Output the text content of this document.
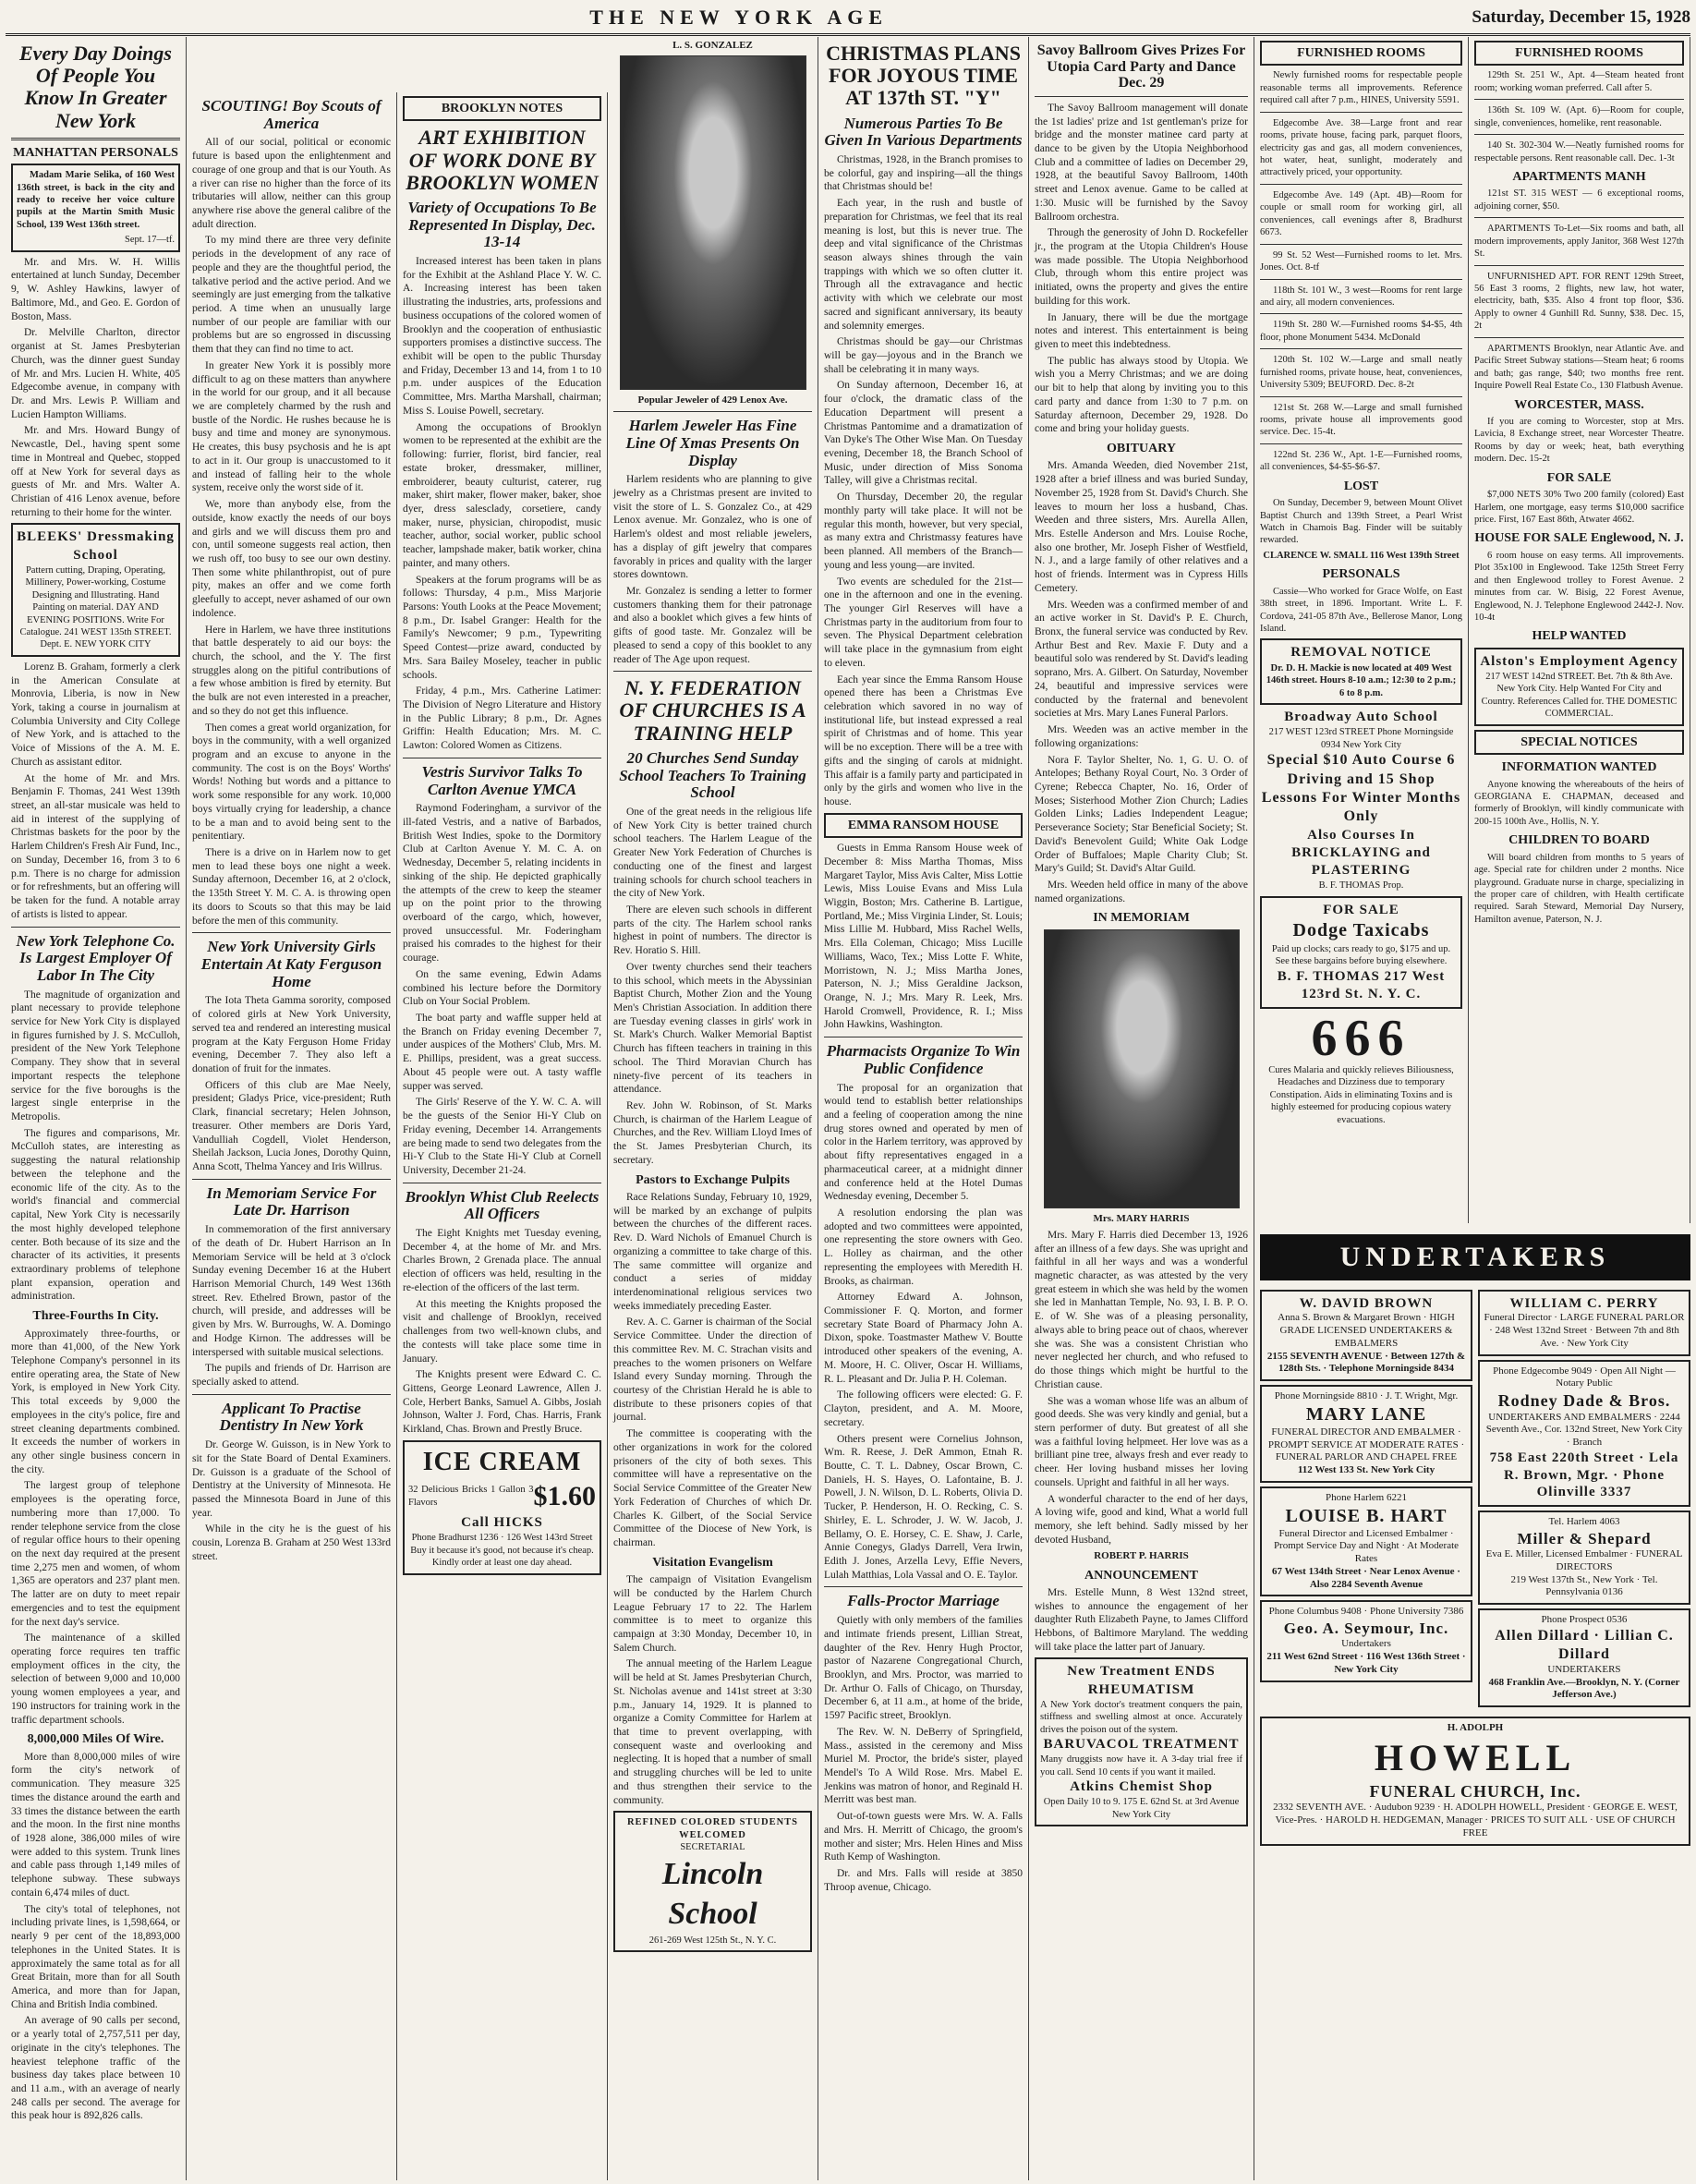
THE NEW YORK AGE	Saturday, December 15, 1928
Every Day Doings Of People You Know In Greater New York
MANHATTAN PERSONALS

Madam Marie Selika, of 160 West 136th street, is back in the city and ready to receive her voice culture pupils at the Martin Smith Music School, 139 West 136th street.

Sept. 17—tf.

Mr. and Mrs. W. H. Willis entertained at lunch Sunday, December 9, W. Ashley Hawkins, lawyer of Baltimore, Md., and Geo. E. Gordon of Boston, Mass.

Dr. Melville Charlton, director organist at St. James Presbyterian Church, was the dinner guest Sunday of Mr. and Mrs. Lucien H. White, 405 Edgecombe avenue, in company with Dr. and Mrs. Lewis P. William and Lucien Hampton Williams.

Mr. and Mrs. Howard Bungy of Newcastle, Del., having spent some time in Montreal and Quebec, stopped off at New York for several days as guests of Mr. and Mrs. Walter A. Christian of 416 Lenox avenue, before returning to their home for the winter.

BLEEKS' Dressmaking School
Pattern cutting, Draping, Operating, Millinery, Power-working, Costume Designing and Illustrating. Hand Painting on material. DAY AND EVENING POSITIONS. Write For Catalogue. 241 WEST 135th STREET. Dept. E. NEW YORK CITY

Lorenz B. Graham, formerly a clerk in the American Consulate at Monrovia, Liberia, is now in New York, taking a course in journalism at Columbia University and City College of New York, and is attached to the Voice of Missions of the A. M. E. Church as assistant editor.

At the home of Mr. and Mrs. Benjamin F. Thomas, 241 West 139th street, an all-star musicale was held to aid in interest of the supplying of Christmas baskets for the poor by the Harlem Children's Fresh Air Fund, Inc., on Sunday, December 16, from 3 to 6 p.m. There is no charge for admission or for refreshments, but an offering will be taken for the fund. A notable array of artists is listed to appear.

New York Telephone Co. Is Largest Employer Of Labor In The City

The magnitude of organization and plant necessary to provide telephone service for New York City is displayed in figures furnished by J. S. McCulloh, president of the New York Telephone Company. They show that in several important respects the telephone service for the five boroughs is the largest single enterprise in the Metropolis.

The figures and comparisons, Mr. McCulloh states, are interesting as suggesting the natural relationship between the telephone and the economic life of the city. As to the world's financial and commercial capital, New York City is necessarily the most highly developed telephone center. Both because of its size and the character of its activities, it presents extraordinary problems of telephone plant expansion, operation and administration.

Three-Fourths In City.

Approximately three-fourths, or more than 41,000, of the New York Telephone Company's personnel in its entire operating area, the State of New York, is employed in New York City. This total exceeds by 9,000 the employees in the city's police, fire and street cleaning departments combined. It exceeds the number of workers in any other single business concern in the city.

The largest group of telephone employees is the operating force, numbering more than 17,000. To render telephone service from the close of regular office hours to their opening on the next day required at the present time 2,275 men and women, of whom 1,365 are operators and 237 plant men. The latter are on duty to meet repair emergencies and to test the equipment for the next day's service.

The maintenance of a skilled operating force requires ten traffic employment offices in the city, the selection of between 9,000 and 10,000 young women employees a year, and 190 instructors for training work in the traffic department schools.

8,000,000 Miles Of Wire.

More than 8,000,000 miles of wire form the city's network of communication. They measure 325 times the distance around the earth and 33 times the distance between the earth and the moon. In the first nine months of 1928 alone, 386,000 miles of wire were added to this system. Trunk lines and cable pass through 1,149 miles of telephone subway. These subways contain 6,474 miles of duct.

The city's total of telephones, not including private lines, is 1,598,664, or nearly 9 per cent of the 18,893,000 telephones in the United States. It is approximately the same total as for all Great Britain, more than for all South America, and more than for Japan, China and British India combined.

An average of 90 calls per second, or a yearly total of 2,757,511 per day, originate in the city's telephones. The heaviest telephone traffic of the business day takes place between 10 and 11 a.m., with an average of nearly 248 calls per second. The average for this peak hour is 892,826 calls.

SCOUTING! Boy Scouts of America

All of our social, political or economic future is based upon the enlightenment and courage of one group and that is our Youth. As a river can rise no higher than the force of its tributaries will allow, neither can this group anywhere rise above the general calibre of the adult direction.

To my mind there are three very definite periods in the development of any race of people and they are the thoughtful period, the talkative period and the active period. And we seemingly are just emerging from the talkative period. A time when an unusually large number of our people are familiar with our problems but are so engrossed in discussing them that they can find no time to act.

In greater New York it is possibly more difficult to ag on these matters than anywhere in the world for our group, and it all because we are completely charmed by the rush and bustle of the Nordic. He rushes because he is busy and time and money are synonymous. He creates, this busy psychosis and he is apt to act in it. Our group is unaccustomed to it and instead of falling heir to the whole system, receive only the worst side of it.

We, more than anybody else, from the outside, know exactly the needs of our boys and girls and we will discuss them pro and con, until someone suggests real action, then we rush off, too busy to see our own destiny. Then some white philanthropist, out of pure pity, makes an offer and we come forth gleefully to accept, never ashamed of our own indolence.

Here in Harlem, we have three institutions that battle desperately to aid our boys: the church, the school, and the Y. The first struggles along on the pitiful contributions of a few whose ambition is fired by eternity. But the bulk are not even interested in a preacher, and so they do not get this influence.

Then comes a great world organization, for boys in the community, with a well organized program and an excuse to anyone in the community. The cost is on the Boys' Worths' Words! Nothing but words and a pittance to work some responsible for any work. 10,000 boys virtually crying for leadership, a chance to be a man and to avoid being sent to the penitentiary.

There is a drive on in Harlem now to get men to lead these boys one night a week. Sunday afternoon, December 16, at 2 o'clock, the 135th Street Y. M. C. A. is throwing open its doors to Scouts so that this may be laid before the men of this community.

New York University Girls Entertain At Katy Ferguson Home

The Iota Theta Gamma sorority, composed of colored girls at New York University, served tea and rendered an interesting musical program at the Katy Ferguson Home Friday evening, December 7. They also left a donation of fruit for the inmates.

Officers of this club are Mae Neely, president; Gladys Price, vice-president; Ruth Clark, financial secretary; Helen Johnson, treasurer. Other members are Doris Yard, Vandulliah Cogdell, Violet Henderson, Sheilah Jackson, Lucia Jones, Dorothy Quinn, Anna Scott, Thelma Yancey and Iris Willrus.

In Memoriam Service For Late Dr. Harrison

In commemoration of the first anniversary of the death of Dr. Hubert Harrison an In Memoriam Service will be held at 3 o'clock Sunday evening December 16 at the Hubert Harrison Memorial Church, 149 West 136th street. Rev. Ethelred Brown, pastor of the church, will preside, and addresses will be given by Mrs. W. Burroughs, W. A. Domingo and Hodge Kirnon. The addresses will be interspersed with suitable musical selections.

The pupils and friends of Dr. Harrison are specially asked to attend.

Applicant To Practise Dentistry In New York

Dr. George W. Guisson, is in New York to sit for the State Board of Dental Examiners. Dr. Guisson is a graduate of the School of Dentistry at the University of Minnesota. He passed the Minnesota Board in June of this year.

While in the city he is the guest of his cousin, Lorenza B. Graham at 250 West 133rd street.

BROOKLYN NOTES
ART EXHIBITION OF WORK DONE BY BROOKLYN WOMEN
Variety of Occupations To Be Represented In Display, Dec. 13-14

Increased interest has been taken in plans for the Exhibit at the Ashland Place Y. W. C. A. Increasing interest has been taken illustrating the industries, arts, professions and business occupations of the colored women of Brooklyn and the cooperation of enthusiastic supporters promises a distinctive success. The exhibit will be open to the public Thursday and Friday, December 13 and 14, from 1 to 10 p.m. under auspices of the Education Committee, Mrs. Martha Marshall, chairman; Miss S. Louise Powell, secretary.

Among the occupations of Brooklyn women to be represented at the exhibit are the following: furrier, florist, bird fancier, real estate broker, dressmaker, milliner, embroiderer, beauty culturist, caterer, rug maker, shirt maker, flower maker, baker, shoe dyer, dress salesclady, corsetiere, candy maker, nurse, physician, chiropodist, music teacher, author, social worker, public school teacher, lampshade maker, batik worker, china painter, and many others.

Speakers at the forum programs will be as follows: Thursday, 4 p.m., Miss Marjorie Parsons: Youth Looks at the Peace Movement; 8 p.m., Dr. Isabel Granger: Health for the Family's Newcomer; 9 p.m., Typewriting Speed Contest—prize award, conducted by Mrs. Sara Bailey Moseley, teacher in public schools.

Friday, 4 p.m., Mrs. Catherine Latimer: The Division of Negro Literature and History in the Public Library; 8 p.m., Dr. Agnes Griffin: Health Education; Mrs. M. C. Lawton: Colored Women as Citizens.

Vestris Survivor Talks To Carlton Avenue YMCA

Raymond Foderingham, a survivor of the ill-fated Vestris, and a native of Barbados, British West Indies, spoke to the Dormitory Club at Carlton Avenue Y. M. C. A. on Wednesday, December 5, relating incidents in sinking of the ship. He depicted graphically the attempts of the crew to keep the steamer up on the point prior to the throwing overboard of the cargo, which, however, proved unsuccessful. Mr. Foderingham praised his comrades to the highest for their courage.

On the same evening, Edwin Adams combined his lecture before the Dormitory Club on Your Social Problem.

The boat party and waffle supper held at the Branch on Friday evening December 7, under auspices of the Mothers' Club, Mrs. M. E. Phillips, president, was a great success. About 45 people were out. A tasty waffle supper was served.

The Girls' Reserve of the Y. W. C. A. will be the guests of the Senior Hi-Y Club on Friday evening, December 14. Arrangements are being made to send two delegates from the Hi-Y Club to the State Hi-Y Club at Cornell University, December 21-24.

Brooklyn Whist Club Reelects All Officers

The Eight Knights met Tuesday evening, December 4, at the home of Mr. and Mrs. Charles Brown, 2 Grenada place. The annual election of officers was held, resulting in the re-election of the officers of the last term.

At this meeting the Knights proposed the visit and challenge of Brooklyn, received challenges from two well-known clubs, and the contests will take place some time in January.

The Knights present were Edward C. C. Gittens, George Leonard Lawrence, Allen J. Cole, Herbert Banks, Samuel A. Gibbs, Josiah Johnson, Walter J. Ford, Chas. Harris, Frank Kirkland, Chas. Brown and Prestly Bruce.

ICE CREAM
32 Delicious Bricks 1 Gallon 3 Flavors	$1.60
Call HICKS
Phone Bradhurst 1236 · 126 West 143rd Street
Buy it because it's good, not because it's cheap. Kindly order at least one day ahead.
L. S. GONZALEZ
Popular Jeweler of 429 Lenox Ave.
Harlem Jeweler Has Fine Line Of Xmas Presents On Display

Harlem residents who are planning to give jewelry as a Christmas present are invited to visit the store of L. S. Gonzalez Co., at 429 Lenox avenue. Mr. Gonzalez, who is one of Harlem's oldest and most reliable jewelers, has a display of gift jewelry that compares favorably in prices and quality with the larger stores downtown.

Mr. Gonzalez is sending a letter to former customers thanking them for their patronage and also a booklet which gives a few hints of gifts of good taste. Mr. Gonzalez will be pleased to send a copy of this booklet to any reader of The Age upon request.

N. Y. FEDERATION OF CHURCHES IS A TRAINING HELP
20 Churches Send Sunday School Teachers To Training School

One of the great needs in the religious life of New York City is better trained church school teachers. The Harlem League of the Greater New York Federation of Churches is conducting one of the finest and largest training schools for church school teachers in the city of New York.

There are eleven such schools in different parts of the city. The Harlem school ranks highest in point of numbers. The director is Rev. Horatio S. Hill.

Over twenty churches send their teachers to this school, which meets in the Abyssinian Baptist Church, Mother Zion and the Young Men's Christian Association. In addition there are Tuesday evening classes in girls' work in St. Mark's Church. Walker Memorial Baptist Church has fifteen teachers in training in this school. The Third Moravian Church has ninety-five percent of its teachers in attendance.

Rev. John W. Robinson, of St. Marks Church, is chairman of the Harlem League of Churches, and the Rev. William Lloyd Imes of the St. James Presbyterian Church, its secretary.

Pastors to Exchange Pulpits

Race Relations Sunday, February 10, 1929, will be marked by an exchange of pulpits between the churches of the different races. Rev. D. Ward Nichols of Emanuel Church is organizing a committee to take charge of this. The same committee will organize and conduct a series of midday interdenominational religious services two weeks immediately preceding Easter.

Rev. A. C. Garner is chairman of the Social Service Committee. Under the direction of this committee Rev. M. C. Strachan visits and preaches to the women prisoners on Welfare Island every Sunday morning. Through the courtesy of the Christian Herald he is able to distribute to these prisoners copies of that journal.

The committee is cooperating with the other organizations in work for the colored prisoners of the city of both sexes. This committee will have a representative on the Social Service Committee of the Greater New York Federation of Churches of which Dr. Charles K. Gilbert, of the Social Service Committee of the Diocese of New York, is chairman.

Visitation Evangelism

The campaign of Visitation Evangelism will be conducted by the Harlem Church League February 17 to 22. The Harlem committee is to meet to organize this campaign at 3:30 Monday, December 10, in Salem Church.

The annual meeting of the Harlem League will be held at St. James Presbyterian Church, St. Nicholas avenue and 141st street at 3:30 p.m., January 14, 1929. It is planned to organize a Comity Committee for Harlem at that time to prevent overlapping, with consequent waste and overlooking and neglecting. It is hoped that a number of small and struggling churches will be led to unite and thus strengthen their service to the community.

REFINED COLORED STUDENTS WELCOMED
SECRETARIAL
Lincoln School
261-269 West 125th St., N. Y. C.
CHRISTMAS PLANS FOR JOYOUS TIME AT 137th ST. "Y"
Numerous Parties To Be Given In Various Departments

Christmas, 1928, in the Branch promises to be colorful, gay and inspiring—all the things that Christmas should be!

Each year, in the rush and bustle of preparation for Christmas, we feel that its real meaning is lost, but this is never true. The deep and vital significance of the Christmas season always shines through the vain trappings with which we so often clutter it. Through all the extravagance and hectic activity with which we celebrate our most sacred and significant anniversary, its beauty and solemnity emerges.

Christmas should be gay—our Christmas will be gay—joyous and in the Branch we shall be celebrating it in many ways.

On Sunday afternoon, December 16, at four o'clock, the dramatic class of the Education Department will present a Christmas Pantomime and a dramatization of Van Dyke's The Other Wise Man. On Tuesday evening, December 18, the Branch School of Music, under direction of Miss Sonoma Talley, will give a Christmas recital.

On Thursday, December 20, the regular monthly party will take place. It will not be regular this month, however, but very special, as many extra and Christmassy features have been planned. All members of the Branch—young and less young—are invited.

Two events are scheduled for the 21st—one in the afternoon and one in the evening. The younger Girl Reserves will have a Christmas party in the auditorium from four to seven. The Physical Department celebration will take place in the gymnasium from eight to eleven.

Each year since the Emma Ransom House opened there has been a Christmas Eve celebration which savored in no way of institutional life, but instead expressed a real spirit of Christmas and of home. This year will be no exception. There will be a tree with gifts and the singing of carols at midnight. This affair is a family party and participated in only by the girls and women who live in the house.

EMMA RANSOM HOUSE

Guests in Emma Ransom House week of December 8: Miss Martha Thomas, Miss Margaret Taylor, Miss Avis Calter, Miss Lottie Lewis, Miss Louise Evans and Miss Lula Wiggin, Boston; Mrs. Catherine B. Lartigue, Portland, Me.; Miss Virginia Linder, St. Louis; Miss Lillie M. Hubbard, Miss Rachel Wells, Mrs. Ella Coleman, Chicago; Miss Lucille Williams, Waco, Tex.; Miss Lotte F. White, Morristown, N. J.; Miss Martha Jones, Paterson, N. J.; Miss Geraldine Jackson, Orange, N. J.; Mrs. Mary R. Leek, Mrs. Harold Cromwell, Providence, R. I.; Miss John Hawkins, Washington.

Pharmacists Organize To Win Public Confidence

The proposal for an organization that would tend to establish better relationships and a feeling of cooperation among the nine drug stores owned and operated by men of color in the Harlem territory, was approved by about fifty representatives engaged in a pharmaceutical career, at a midnight dinner and conference held at the Hotel Dumas Wednesday evening, December 5.

A resolution endorsing the plan was adopted and two committees were appointed, one representing the store owners with Geo. L. Holley as chairman, and the other representing the employees with Meredith H. Brooks, as chairman.

Attorney Edward A. Johnson, Commissioner F. Q. Morton, and former secretary State Board of Pharmacy John A. Dixon, spoke. Toastmaster Mathew V. Boutte introduced other speakers of the evening, A. M. Moore, H. C. Oliver, Oscar H. Williams, R. L. Pleasant and Dr. Julia P. H. Coleman.

The following officers were elected: G. F. Clayton, president, and A. M. Moore, secretary.

Others present were Cornelius Johnson, Wm. R. Reese, J. DeR Ammon, Etnah R. Boutte, C. T. L. Dabney, Oscar Brown, C. Daniels, H. S. Hayes, O. Lafontaine, B. J. Powell, J. N. Wilson, D. L. Roberts, Olivia D. Tucker, P. Henderson, H. O. Recking, C. S. Shirley, E. L. Schroder, J. W. W. Jacob, J. Bellamy, O. E. Horsey, C. E. Shaw, J. Carle, Annie Conegys, Gladys Darrell, Vera Irwin, Edith J. Jones, Arzella Levy, Effie Nevers, Lulah Matthias, Lola Vassal and O. E. Taylor.

Falls-Proctor Marriage

Quietly with only members of the families and intimate friends present, Lillian Streat, daughter of the Rev. Henry Hugh Proctor, pastor of Nazarene Congregational Church, Brooklyn, and Mrs. Proctor, was married to Dr. Arthur O. Falls of Chicago, on Thursday, December 6, at 11 a.m., at home of the bride, 1597 Pacific street, Brooklyn.

The Rev. W. N. DeBerry of Springfield, Mass., assisted in the ceremony and Miss Muriel M. Proctor, the bride's sister, played Mendel's To A Wild Rose. Mrs. Mabel E. Jenkins was matron of honor, and Reginald H. Merritt was best man.

Out-of-town guests were Mrs. W. A. Falls and Mrs. H. Merritt of Chicago, the groom's mother and sister; Mrs. Helen Hines and Miss Ruth Kemp of Washington.

Dr. and Mrs. Falls will reside at 3850 Throop avenue, Chicago.

Savoy Ballroom Gives Prizes For Utopia Card Party and Dance Dec. 29

The Savoy Ballroom management will donate the 1st ladies' prize and 1st gentleman's prize for bridge and the monster matinee card party at dance to be given by the Utopia Neighborhood Club and a committee of ladies on December 29, 1928, at the beautiful Savoy Ballroom, 140th street and Lenox avenue. Game to be called at 1:30. Music will be furnished by the Savoy Ballroom orchestra.

Through the generosity of John D. Rockefeller jr., the program at the Utopia Children's House was made possible. The Utopia Neighborhood Club, through whom this entire project was initiated, owns the property and gives the entire building for this work.

In January, there will be due the mortgage notes and interest. This entertainment is being given to meet this indebtedness.

The public has always stood by Utopia. We wish you a Merry Christmas; and we are doing our bit to help that along by inviting you to this card party and dance from 1:30 to 7 p.m. on Saturday afternoon, December 29, 1928. Do come and bring your holiday guests.

OBITUARY

Mrs. Amanda Weeden, died November 21st, 1928 after a brief illness and was buried Sunday, November 25, 1928 from St. David's Church. She leaves to mourn her loss a husband, Chas. Weeden and three sisters, Mrs. Aurella Allen, Mrs. Estelle Anderson and Mrs. Louise Roche, also one brother, Mr. Joseph Fisher of Westfield, N. J., and a large family of other relatives and a host of friends. Interment was in Cypress Hills Cemetery.

Mrs. Weeden was a confirmed member of and an active worker in St. David's P. E. Church, Bronx, the funeral service was conducted by Rev. Arthur Best and Rev. Maxie F. Duty and a beautiful solo was rendered by St. David's leading soprano, Mrs. A. Gilbert. On Saturday, November 24, beautiful and impressive services were conducted by the fraternal and benevolent societies at Mrs. Mary Lanes Funeral Parlors.

Mrs. Weeden was an active member in the following organizations:

Nora F. Taylor Shelter, No. 1, G. U. O. of Antelopes; Bethany Royal Court, No. 3 Order of Cyrene; Rebecca Chapter, No. 16, Order of Moses; Sisterhood Mother Zion Church; Ladies Golden Links; Ladies Independent League; Perseverance Society; Star Beneficial Society; St. David's Benevolent Guild; White Oak Lodge Order of Buffaloes; Maple Charity Club; St. Mary's Guild; St. David's Altar Guild.

Mrs. Weeden held office in many of the above named organizations.

IN MEMORIAM
Mrs. MARY HARRIS

Mrs. Mary F. Harris died December 13, 1926 after an illness of a few days. She was upright and faithful in all her ways and was a wonderful magnetic character, as was attested by the very great esteem in which she was held by the women she led in Manhattan Temple, No. 93, I. B. P. O. E. of W. She was of a pleasing personality, always able to bring peace out of chaos, wherever she was. She was a consistent Christian who never neglected her church, and who refused to do those things which might be hurtful to the Christian cause.

She was a woman whose life was an album of good deeds. She was very kindly and genial, but a stern performer of duty. But greatest of all she was a faithful loving helpmeet. Her love was as a brilliant pine tree, always fresh and ever ready to cheer. Her loving husband misses her loving counsels. Upright and faithful in all her ways.

A wonderful character to the end of her days, A loving wife, good and kind, What a world full memory, she left behind. Sadly missed by her devoted Husband,

ROBERT P. HARRIS
ANNOUNCEMENT

Mrs. Estelle Munn, 8 West 132nd street, wishes to announce the engagement of her daughter Ruth Elizabeth Payne, to James Clifford Hebbons, of Baltimore Maryland. The wedding will take place the latter part of January.

New Treatment ENDS RHEUMATISM
A New York doctor's treatment conquers the pain, stiffness and swelling almost at once. Accurately drives the poison out of the system.
BARUVACOL TREATMENT
Many druggists now have it. A 3-day trial free if you call. Send 10 cents if you want it mailed.
Atkins Chemist Shop
Open Daily 10 to 9. 175 E. 62nd St. at 3rd Avenue New York City
FURNISHED ROOMS

Newly furnished rooms for respectable people reasonable terms all improvements. Reference required call after 7 p.m., HINES, University 5591.

Edgecombe Ave. 38—Large front and rear rooms, private house, facing park, parquet floors, electricity gas and gas, all modern conveniences, hot water, heat, sunlight, moderately and attractively priced, your opportunity.

Edgecombe Ave. 149 (Apt. 4B)—Room for couple or small room for working girl, all conveniences, call evenings after 8, Bradhurst 6673.

99 St. 52 West—Furnished rooms to let. Mrs. Jones. Oct. 8-tf

118th St. 101 W., 3 west—Rooms for rent large and airy, all modern conveniences.

119th St. 280 W.—Furnished rooms $4-$5, 4th floor, phone Monument 5434. McDonald

120th St. 102 W.—Large and small neatly furnished rooms, private house, heat, conveniences, University 5309; BEUFORD. Dec. 8-2t

121st St. 268 W.—Large and small furnished rooms, private house all improvements good service. Dec. 15-4t.

122nd St. 236 W., Apt. 1-E—Furnished rooms, all conveniences, $4-$5-$6-$7.

LOST

On Sunday, December 9, between Mount Olivet Baptist Church and 139th Street, a Pearl Wrist Watch in Chamois Bag. Finder will be suitably rewarded.

CLARENCE W. SMALL 116 West 139th Street
PERSONALS

Cassie—Who worked for Grace Wolfe, on East 38th street, in 1896. Important. Write L. F. Cordova, 241-05 87th Ave., Bellerose Manor, Long Island.

REMOVAL NOTICE
Dr. D. H. Mackie is now located at 409 West 146th street. Hours 8-10 a.m.; 12:30 to 2 p.m.; 6 to 8 p.m.
Broadway Auto School
217 WEST 123rd STREET Phone Morningside 0934 New York City
Special $10 Auto Course 6 Driving and 15 Shop Lessons For Winter Months Only
Also Courses In BRICKLAYING and PLASTERING
B. F. THOMAS Prop.
FOR SALE
Dodge Taxicabs
Paid up clocks; cars ready to go, $175 and up. See these bargains before buying elsewhere.
B. F. THOMAS 217 West 123rd St. N. Y. C.
666
Cures Malaria and quickly relieves Biliousness, Headaches and Dizziness due to temporary Constipation. Aids in eliminating Toxins and is highly esteemed for producing copious watery evacuations.
FURNISHED ROOMS

129th St. 251 W., Apt. 4—Steam heated front room; working woman preferred. Call after 5.

136th St. 109 W. (Apt. 6)—Room for couple, single, conveniences, homelike, rent reasonable.

140 St. 302-304 W.—Neatly furnished rooms for respectable persons. Rent reasonable call. Dec. 1-3t

APARTMENTS MANH

121st ST. 315 WEST — 6 exceptional rooms, adjoining corner, $50.

APARTMENTS To-Let—Six rooms and bath, all modern improvements, apply Janitor, 368 West 127th St.

UNFURNISHED APT. FOR RENT 129th Street, 56 East 3 rooms, 2 flights, new law, hot water, electricity, bath, $35. Also 4 front top floor, $36. Apply to owner 4 Gunhill Rd. Sunny, $38. Dec. 15, 2t

APARTMENTS Brooklyn, near Atlantic Ave. and Pacific Street Subway stations—Steam heat; 6 rooms and bath; gas range, $40; two months free rent. Inquire Powell Real Estate Co., 130 Flatbush Avenue.

WORCESTER, MASS.

If you are coming to Worcester, stop at Mrs. Lavicia, 8 Exchange street, near Worcester Theatre. Rooms by day or week; heat, bath everything modern. Dec. 15-2t

FOR SALE

$7,000 NETS 30% Two 200 family (colored) East Harlem, one mortgage, easy terms $10,000 sacrifice price. First, 167 East 86th, Atwater 4662.

HOUSE FOR SALE Englewood, N. J.

6 room house on easy terms. All improvements. Plot 35x100 in Englewood. Take 125th Street Ferry and then Englewood trolley to Forest Avenue. 2 minutes from car. W. Bisig, 22 Forest Avenue, Englewood, N. J. Telephone Englewood 2442-J. Nov. 10-4t

HELP WANTED
Alston's Employment Agency
217 WEST 142nd STREET. Bet. 7th & 8th Ave. New York City. Help Wanted For City and Country. References Called for. THE DOMESTIC COMMERCIAL.
SPECIAL NOTICES
INFORMATION WANTED

Anyone knowing the whereabouts of the heirs of GEORGIANA E. CHAPMAN, deceased and formerly of Brooklyn, will kindly communicate with 200-15 100th Ave., Hollis, N. Y.

CHILDREN TO BOARD

Will board children from months to 5 years of age. Special rate for children under 2 months. Nice playground. Graduate nurse in charge, specializing in the proper care of children, with Health certificate required. Sarah Steward, Memorial Day Nursery, Hamilton avenue, Paterson, N. J.

UNDERTAKERS
W. DAVID BROWN
Anna S. Brown & Margaret Brown · HIGH GRADE LICENSED UNDERTAKERS & EMBALMERS
2155 SEVENTH AVENUE · Between 127th & 128th Sts. · Telephone Morningside 8434
Phone Morningside 8810 · J. T. Wright, Mgr.
MARY LANE
FUNERAL DIRECTOR AND EMBALMER · PROMPT SERVICE AT MODERATE RATES · FUNERAL PARLOR AND CHAPEL FREE
112 West 133 St. New York City
Phone Harlem 6221
LOUISE B. HART
Funeral Director and Licensed Embalmer · Prompt Service Day and Night · At Moderate Rates
67 West 134th Street · Near Lenox Avenue · Also 2284 Seventh Avenue
Phone Columbus 9408 · Phone University 7386
Geo. A. Seymour, Inc.
Undertakers
211 West 62nd Street · 116 West 136th Street · New York City
WILLIAM C. PERRY
Funeral Director · LARGE FUNERAL PARLOR · 248 West 132nd Street · Between 7th and 8th Ave. · New York City
Phone Edgecombe 9049 · Open All Night — Notary Public
Rodney Dade & Bros.
UNDERTAKERS AND EMBALMERS · 2244 Seventh Ave., Cor. 132nd Street, New York City · Branch
758 East 220th Street · Lela R. Brown, Mgr. · Phone Olinville 3337
Tel. Harlem 4063
Miller & Shepard
Eva E. Miller, Licensed Embalmer · FUNERAL DIRECTORS
219 West 137th St., New York · Tel. Pennsylvania 0136
Phone Prospect 0536
Allen Dillard · Lillian C. Dillard
UNDERTAKERS
468 Franklin Ave.—Brooklyn, N. Y. (Corner Jefferson Ave.)
H. ADOLPH
HOWELL
FUNERAL CHURCH, Inc.
2332 SEVENTH AVE. · Audubon 9239 · H. ADOLPH HOWELL, President · GEORGE E. WEST, Vice-Pres. · HAROLD H. HEDGEMAN, Manager · PRICES TO SUIT ALL · USE OF CHURCH FREE
